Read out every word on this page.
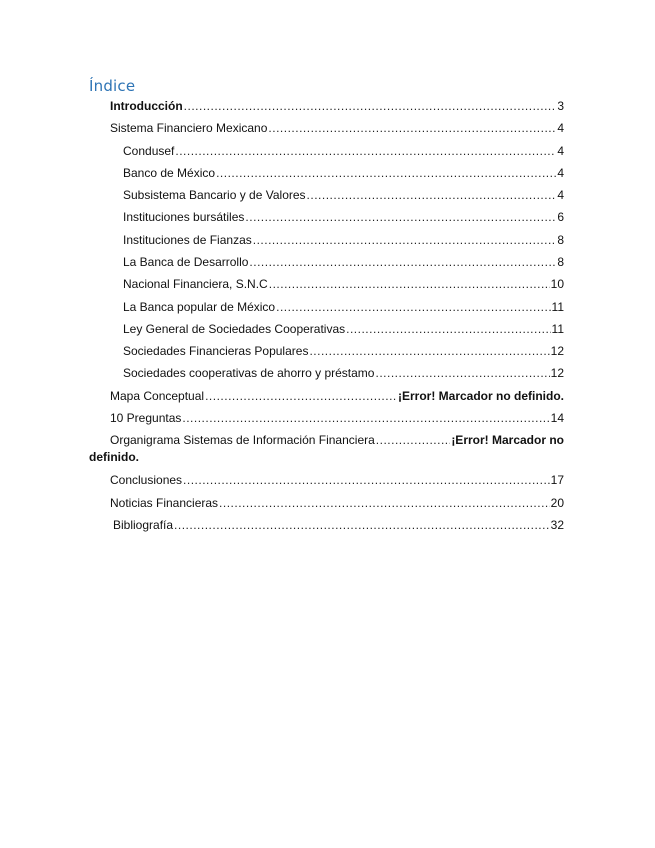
Índice
Introducción .....	3
Sistema Financiero Mexicano .....	4
Condusef .....	4
Banco de México .....	4
Subsistema Bancario y de Valores .....	4
Instituciones bursátiles .....	6
Instituciones de Fianzas .....	8
La Banca de Desarrollo .....	8
Nacional Financiera, S.N.C .....	10
La Banca popular de México .....	11
Ley General de Sociedades Cooperativas .....	11
Sociedades Financieras Populares .....	12
Sociedades cooperativas de ahorro y préstamo .....	12
Mapa Conceptual .....	¡Error! Marcador no definido.
10 Preguntas .....	14
Organigrama Sistemas de Información Financiera .....	¡Error! Marcador no
definido.
Conclusiones .....	17
Noticias Financieras .....	20
Bibliografía .....	32
